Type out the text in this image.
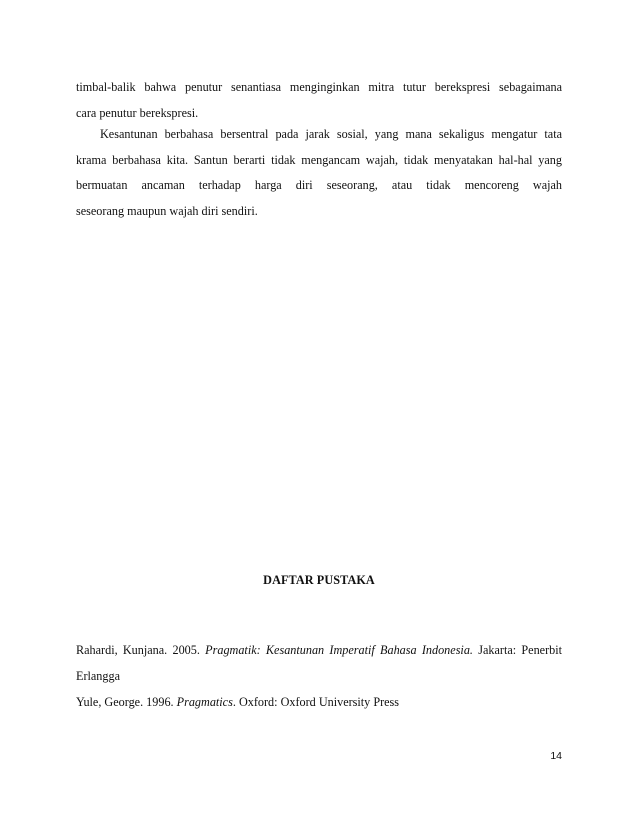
timbal-balik bahwa penutur senantiasa menginginkan mitra tutur berekspresi sebagaimana
cara penutur berekspresi.
Kesantunan berbahasa bersentral pada jarak sosial, yang mana sekaligus mengatur tata
krama berbahasa kita. Santun berarti tidak mengancam wajah, tidak menyatakan hal-hal yang
bermuatan ancaman terhadap harga diri seseorang, atau tidak mencoreng wajah
seseorang maupun wajah diri sendiri.
DAFTAR PUSTAKA
Rahardi, Kunjana. 2005. Pragmatik: Kesantunan Imperatif Bahasa Indonesia. Jakarta: Penerbit
Erlangga
Yule, George. 1996. Pragmatics. Oxford: Oxford University Press
14
